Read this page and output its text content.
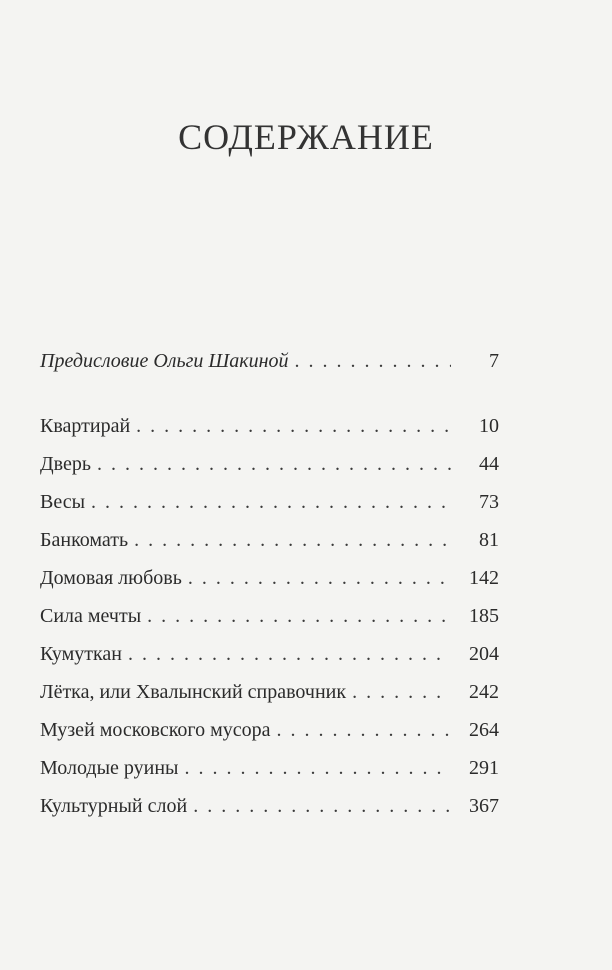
СОДЕРЖАНИЕ
Предисловие Ольги Шакиной . . .	7
Квартирай . . .	10
Дверь . . .	44
Весы . . .	73
Банкомать . . .	81
Домовая любовь . . .	142
Сила мечты . . .	185
Кумуткан . . .	204
Лётка, или Хвалынский справочник . . .	242
Музей московского мусора . . .	264
Молодые руины . . .	291
Культурный слой . . .	367
